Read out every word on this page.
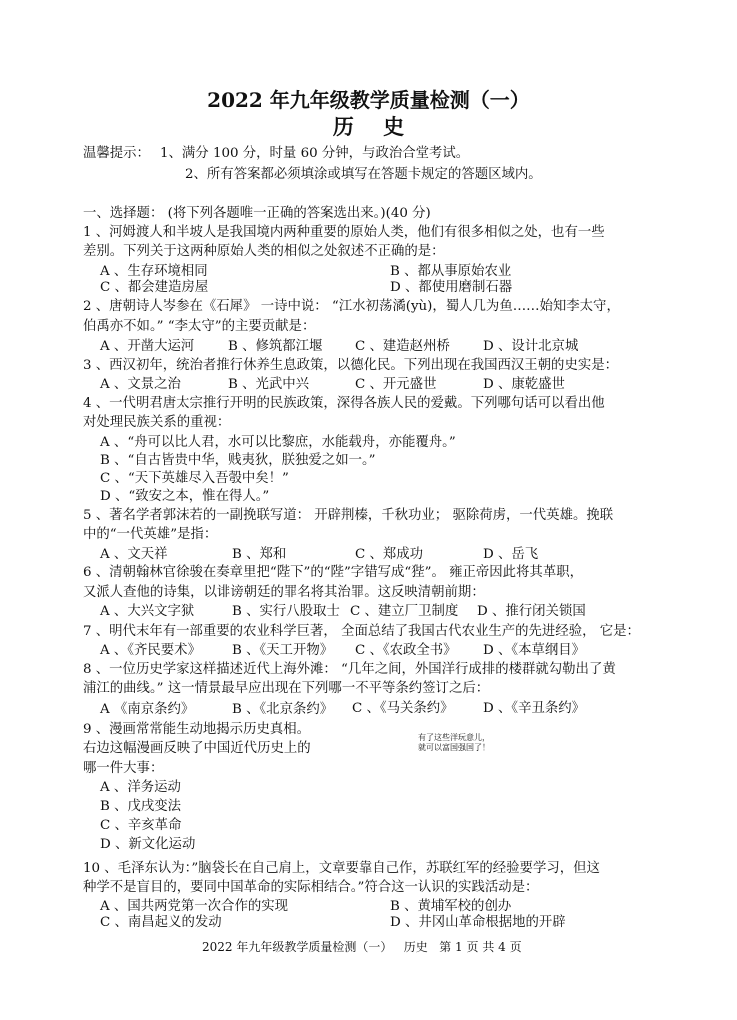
2022 年九年级教学质量检测（一）
历    史
温馨提示： 1、满分 100 分，时量 60 分钟，与政治合堂考试。
2、所有答案都必须填涂或填写在答题卡规定的答题区域内。
一、选择题： (将下列各题唯一正确的答案选出来。)(40 分)
1 、河姆渡人和半坡人是我国境内两种重要的原始人类，他们有很多相似之处，也有一些
差别。下列关于这两种原始人类的相似之处叙述不正确的是：
A 、生存环境相同	B 、都从事原始农业
C 、都会建造房屋	D 、都使用磨制石器
2 、唐朝诗人岑参在《石犀》 一诗中说： “江水初荡潏(yù)，蜀人几为鱼……始知李太守，
伯禹亦不如。” “李太守”的主要贡献是：
A 、开凿大运河	B 、修筑都江堰 C 、建造赵州桥 D 、设计北京城
3 、西汉初年，统治者推行休养生息政策，以德化民。下列出现在我国西汉王朝的史实是：
A 、文景之治	B 、光武中兴	C 、开元盛世	D 、康乾盛世
4 、一代明君唐太宗推行开明的民族政策，深得各族人民的爱戴。下列哪句话可以看出他
对处理民族关系的重视：
A 、“舟可以比人君，水可以比黎庶，水能载舟，亦能覆舟。”
B 、“自古皆贵中华，贱夷狄，朕独爱之如一。”
C 、“天下英雄尽入吾彀中矣！”
D 、“致安之本，惟在得人。”
5 、著名学者郭沫若的一副挽联写道： 开辟荆榛，千秋功业； 驱除荷虏，一代英雄。挽联
中的“一代英雄”是指：
A 、文天祥	B 、郑和	C 、郑成功	D 、岳飞
6 、清朝翰林官徐骏在奏章里把“陛下”的“陛”字错写成“狴”。 雍正帝因此将其革职，
又派人查他的诗集，以诽谤朝廷的罪名将其治罪。这反映清朝前期：
A 、大兴文字狱	B 、实行八股取士 C 、建立厂卫制度 D 、推行闭关锁国
7 、明代末年有一部重要的农业科学巨著， 全面总结了我国古代农业生产的先进经验， 它是：
A 、《齐民要术》 B 、《天工开物》 C 、《农政全书》 D 、《本草纲目》
8 、一位历史学家这样描述近代上海外滩： “几年之间，外国洋行成排的楼群就勾勒出了黄
浦江的曲线。” 这一情景最早应出现在下列哪一不平等条约签订之后：
A 《南京条约》	B 、《北京条约》 C 、《马关条约》 D 、《辛丑条约》
9 、漫画常常能生动地揭示历史真相。
右边这幅漫画反映了中国近代历史上的
哪一件大事：
A 、洋务运动
B 、戊戌变法
C 、辛亥革命
D 、新文化运动
有了这些洋玩意儿，
就可以富国强国了！
10 、毛泽东认为：”脑袋长在自己肩上，文章要靠自己作，苏联红军的经验要学习，但这
种学不是盲目的，要同中国革命的实际相结合。”符合这一认识的实践活动是：
A 、国共两党第一次合作的实现	B 、黄埔军校的创办
C 、南昌起义的发动	D 、井冈山革命根据地的开辟
2022 年九年级教学质量检测（一）   历史   第 1 页 共 4 页
